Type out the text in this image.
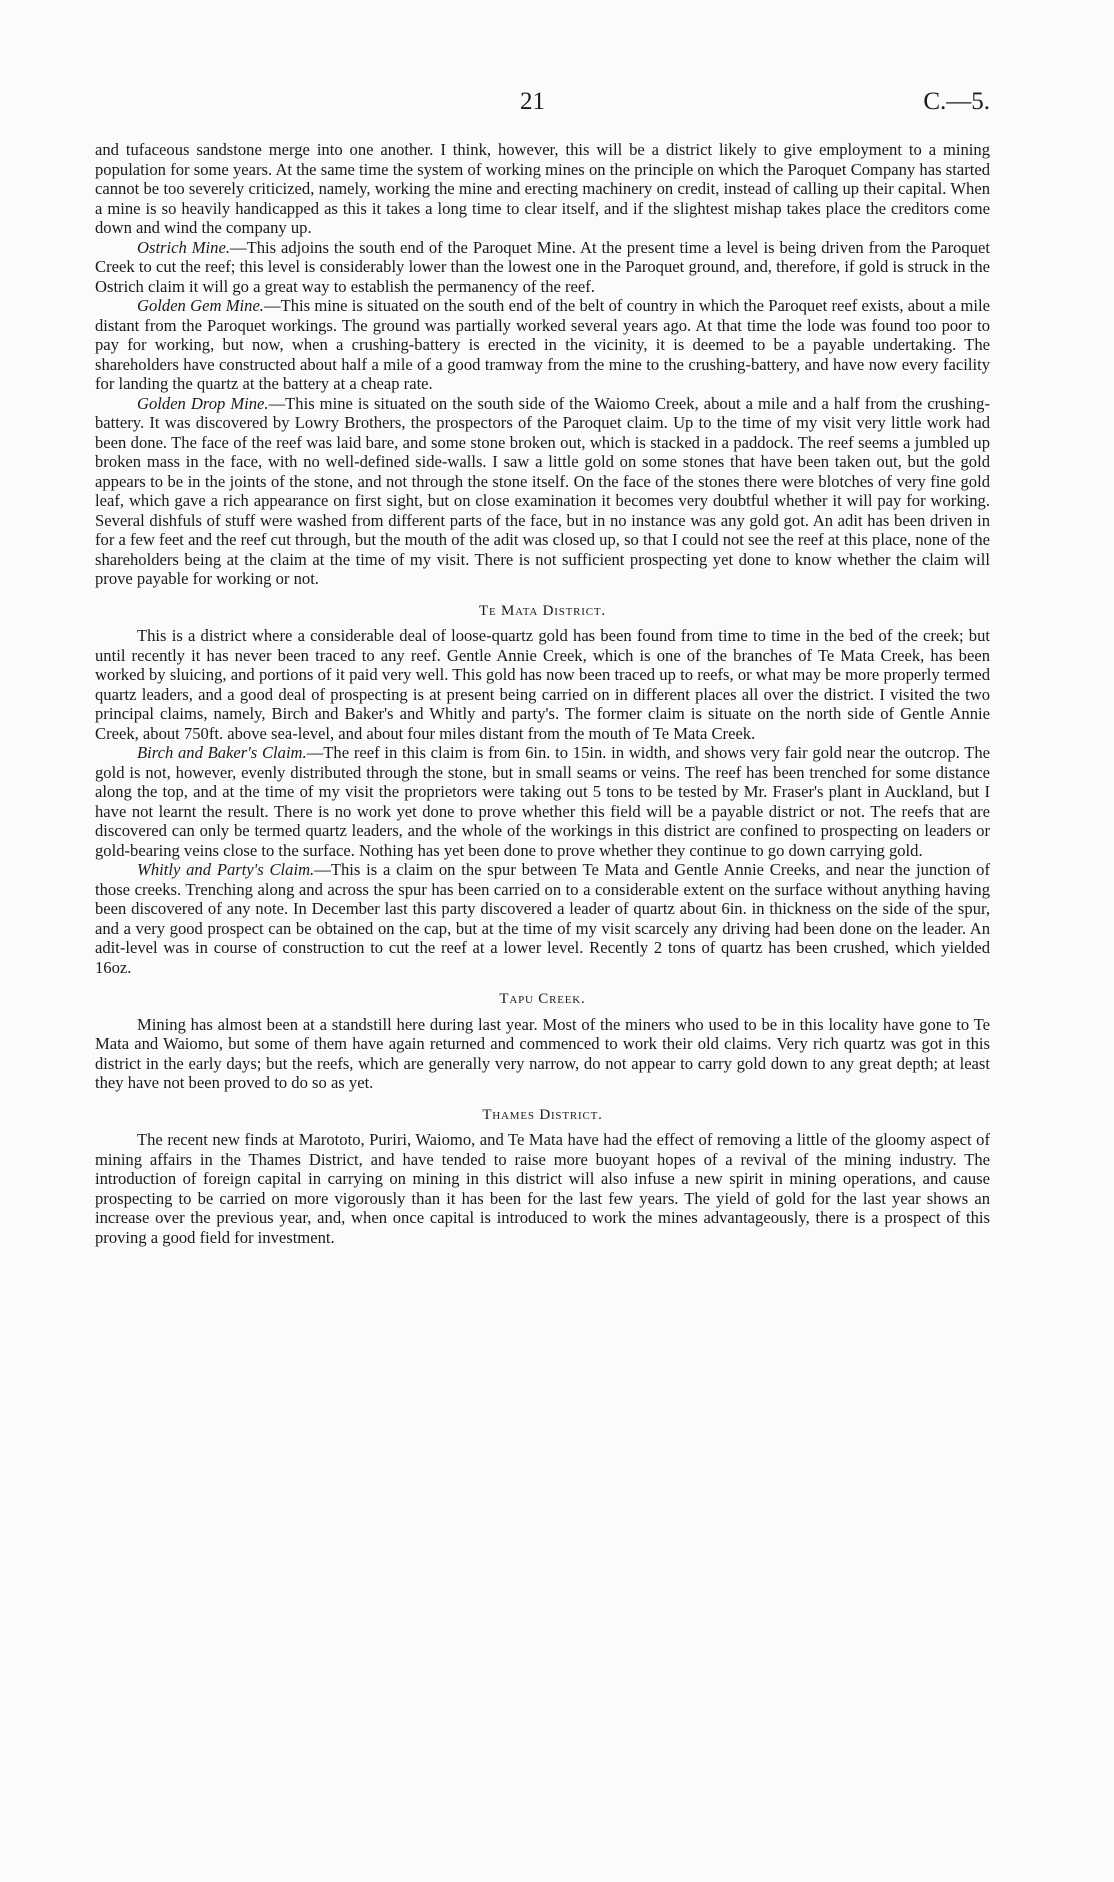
21	C.—5.

and tufaceous sandstone merge into one another. I think, however, this will be a district likely to give employment to a mining population for some years. At the same time the system of working mines on the principle on which the Paroquet Company has started cannot be too severely criticized, namely, working the mine and erecting machinery on credit, instead of calling up their capital. When a mine is so heavily handicapped as this it takes a long time to clear itself, and if the slightest mishap takes place the creditors come down and wind the company up.

Ostrich Mine.—This adjoins the south end of the Paroquet Mine. At the present time a level is being driven from the Paroquet Creek to cut the reef; this level is considerably lower than the lowest one in the Paroquet ground, and, therefore, if gold is struck in the Ostrich claim it will go a great way to establish the permanency of the reef.

Golden Gem Mine.—This mine is situated on the south end of the belt of country in which the Paroquet reef exists, about a mile distant from the Paroquet workings. The ground was partially worked several years ago. At that time the lode was found too poor to pay for working, but now, when a crushing-battery is erected in the vicinity, it is deemed to be a payable undertaking. The shareholders have constructed about half a mile of a good tramway from the mine to the crushing-battery, and have now every facility for landing the quartz at the battery at a cheap rate.

Golden Drop Mine.—This mine is situated on the south side of the Waiomo Creek, about a mile and a half from the crushing-battery. It was discovered by Lowry Brothers, the prospectors of the Paroquet claim. Up to the time of my visit very little work had been done. The face of the reef was laid bare, and some stone broken out, which is stacked in a paddock. The reef seems a jumbled up broken mass in the face, with no well-defined side-walls. I saw a little gold on some stones that have been taken out, but the gold appears to be in the joints of the stone, and not through the stone itself. On the face of the stones there were blotches of very fine gold leaf, which gave a rich appearance on first sight, but on close examination it becomes very doubtful whether it will pay for working. Several dishfuls of stuff were washed from different parts of the face, but in no instance was any gold got. An adit has been driven in for a few feet and the reef cut through, but the mouth of the adit was closed up, so that I could not see the reef at this place, none of the shareholders being at the claim at the time of my visit. There is not sufficient prospecting yet done to know whether the claim will prove payable for working or not.

Te Mata District.

This is a district where a considerable deal of loose-quartz gold has been found from time to time in the bed of the creek; but until recently it has never been traced to any reef. Gentle Annie Creek, which is one of the branches of Te Mata Creek, has been worked by sluicing, and portions of it paid very well. This gold has now been traced up to reefs, or what may be more properly termed quartz leaders, and a good deal of prospecting is at present being carried on in different places all over the district. I visited the two principal claims, namely, Birch and Baker's and Whitly and party's. The former claim is situate on the north side of Gentle Annie Creek, about 750ft. above sea-level, and about four miles distant from the mouth of Te Mata Creek.

Birch and Baker's Claim.—The reef in this claim is from 6in. to 15in. in width, and shows very fair gold near the outcrop. The gold is not, however, evenly distributed through the stone, but in small seams or veins. The reef has been trenched for some distance along the top, and at the time of my visit the proprietors were taking out 5 tons to be tested by Mr. Fraser's plant in Auckland, but I have not learnt the result. There is no work yet done to prove whether this field will be a payable district or not. The reefs that are discovered can only be termed quartz leaders, and the whole of the workings in this district are confined to prospecting on leaders or gold-bearing veins close to the surface. Nothing has yet been done to prove whether they continue to go down carrying gold.

Whitly and Party's Claim.—This is a claim on the spur between Te Mata and Gentle Annie Creeks, and near the junction of those creeks. Trenching along and across the spur has been carried on to a considerable extent on the surface without anything having been discovered of any note. In December last this party discovered a leader of quartz about 6in. in thickness on the side of the spur, and a very good prospect can be obtained on the cap, but at the time of my visit scarcely any driving had been done on the leader. An adit-level was in course of construction to cut the reef at a lower level. Recently 2 tons of quartz has been crushed, which yielded 16oz.

Tapu Creek.

Mining has almost been at a standstill here during last year. Most of the miners who used to be in this locality have gone to Te Mata and Waiomo, but some of them have again returned and commenced to work their old claims. Very rich quartz was got in this district in the early days; but the reefs, which are generally very narrow, do not appear to carry gold down to any great depth; at least they have not been proved to do so as yet.

Thames District.

The recent new finds at Marototo, Puriri, Waiomo, and Te Mata have had the effect of removing a little of the gloomy aspect of mining affairs in the Thames District, and have tended to raise more buoyant hopes of a revival of the mining industry. The introduction of foreign capital in carrying on mining in this district will also infuse a new spirit in mining operations, and cause prospecting to be carried on more vigorously than it has been for the last few years. The yield of gold for the last year shows an increase over the previous year, and, when once capital is introduced to work the mines advantageously, there is a prospect of this proving a good field for investment.
